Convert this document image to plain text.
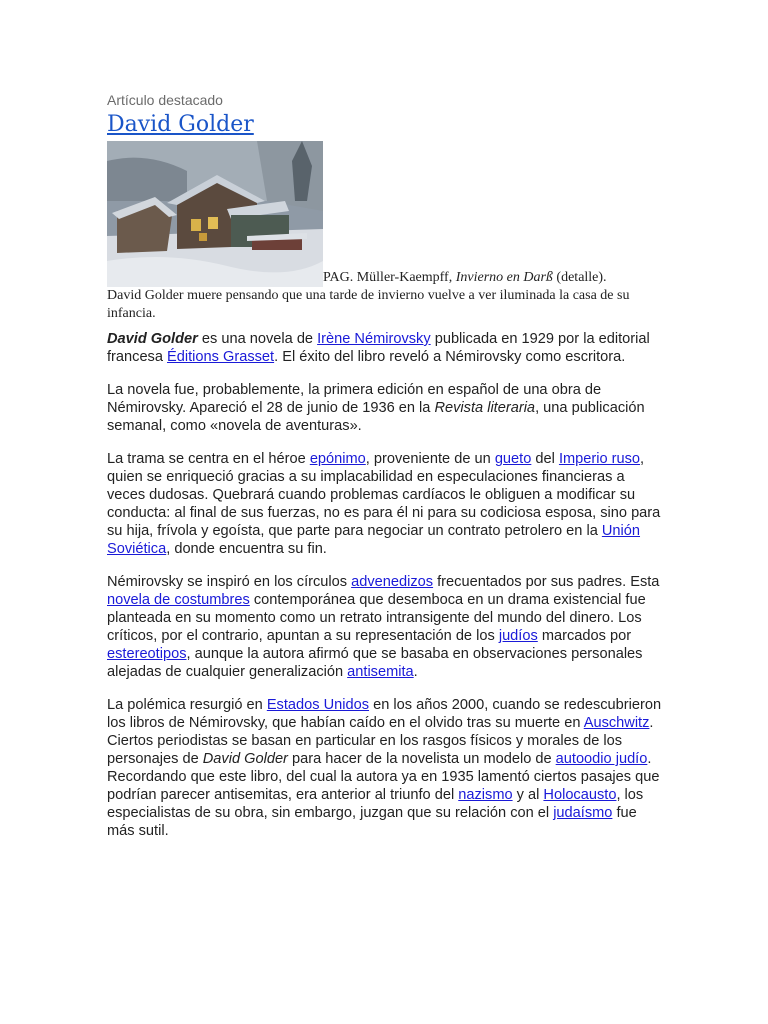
Artículo destacado
David Golder
PAG. Müller-Kaempff, Invierno en Darß (detalle).
David Golder muere pensando que una tarde de invierno vuelve a ver iluminada la casa de su infancia.

David Golder es una novela de Irène Némirovsky publicada en 1929 por la editorial francesa Éditions Grasset. El éxito del libro reveló a Némirovsky como escritora.

La novela fue, probablemente, la primera edición en español de una obra de Némirovsky. Apareció el 28 de junio de 1936 en la Revista literaria, una publicación semanal, como «novela de aventuras».

La trama se centra en el héroe epónimo, proveniente de un gueto del Imperio ruso, quien se enriqueció gracias a su implacabilidad en especulaciones financieras a veces dudosas. Quebrará cuando problemas cardíacos le obliguen a modificar su conducta: al final de sus fuerzas, no es para él ni para su codiciosa esposa, sino para su hija, frívola y egoísta, que parte para negociar un contrato petrolero en la Unión Soviética, donde encuentra su fin.

Némirovsky se inspiró en los círculos advenedizos frecuentados por sus padres. Esta novela de costumbres contemporánea que desemboca en un drama existencial fue planteada en su momento como un retrato intransigente del mundo del dinero. Los críticos, por el contrario, apuntan a su representación de los judíos marcados por estereotipos, aunque la autora afirmó que se basaba en observaciones personales alejadas de cualquier generalización antisemita.

La polémica resurgió en Estados Unidos en los años 2000, cuando se redescubrieron los libros de Némirovsky, que habían caído en el olvido tras su muerte en Auschwitz. Ciertos periodistas se basan en particular en los rasgos físicos y morales de los personajes de David Golder para hacer de la novelista un modelo de autoodio judío. Recordando que este libro, del cual la autora ya en 1935 lamentó ciertos pasajes que podrían parecer antisemitas, era anterior al triunfo del nazismo y al Holocausto, los especialistas de su obra, sin embargo, juzgan que su relación con el judaísmo fue más sutil.
